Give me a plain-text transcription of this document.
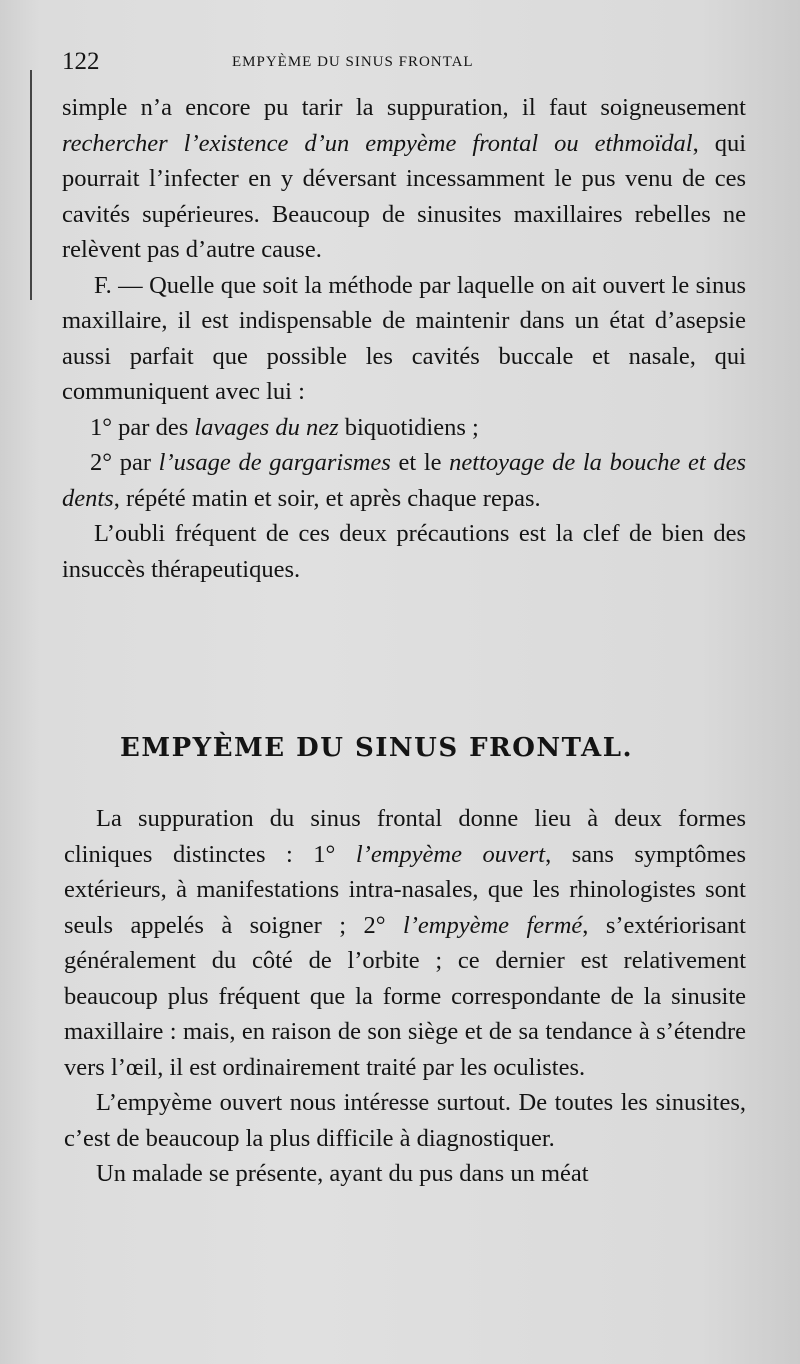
122	EMPYÈME DU SINUS FRONTAL

simple n’a encore pu tarir la suppuration, il faut soigneusement rechercher l’existence d’un empyème frontal ou ethmoïdal, qui pourrait l’infecter en y déversant incessamment le pus venu de ces cavités supérieures. Beaucoup de sinusites maxillaires rebelles ne relèvent pas d’autre cause.

F. — Quelle que soit la méthode par laquelle on ait ouvert le sinus maxillaire, il est indispensable de maintenir dans un état d’asepsie aussi parfait que possible les cavités buccale et nasale, qui communiquent avec lui :

1° par des lavages du nez biquotidiens ;

2° par l’usage de gargarismes et le nettoyage de la bouche et des dents, répété matin et soir, et après chaque repas.

L’oubli fréquent de ces deux précautions est la clef de bien des insuccès thérapeutiques.

EMPYÈME DU SINUS FRONTAL.

La suppuration du sinus frontal donne lieu à deux formes cliniques distinctes : 1° l’empyème ouvert, sans symptômes extérieurs, à manifestations intra-nasales, que les rhinologistes sont seuls appelés à soigner ; 2° l’empyème fermé, s’extériorisant généralement du côté de l’orbite ; ce dernier est relativement beaucoup plus fréquent que la forme correspondante de la sinusite maxillaire : mais, en raison de son siège et de sa tendance à s’étendre vers l’œil, il est ordinairement traité par les oculistes.

L’empyème ouvert nous intéresse surtout. De toutes les sinusites, c’est de beaucoup la plus difficile à diagnostiquer.

Un malade se présente, ayant du pus dans un méat
